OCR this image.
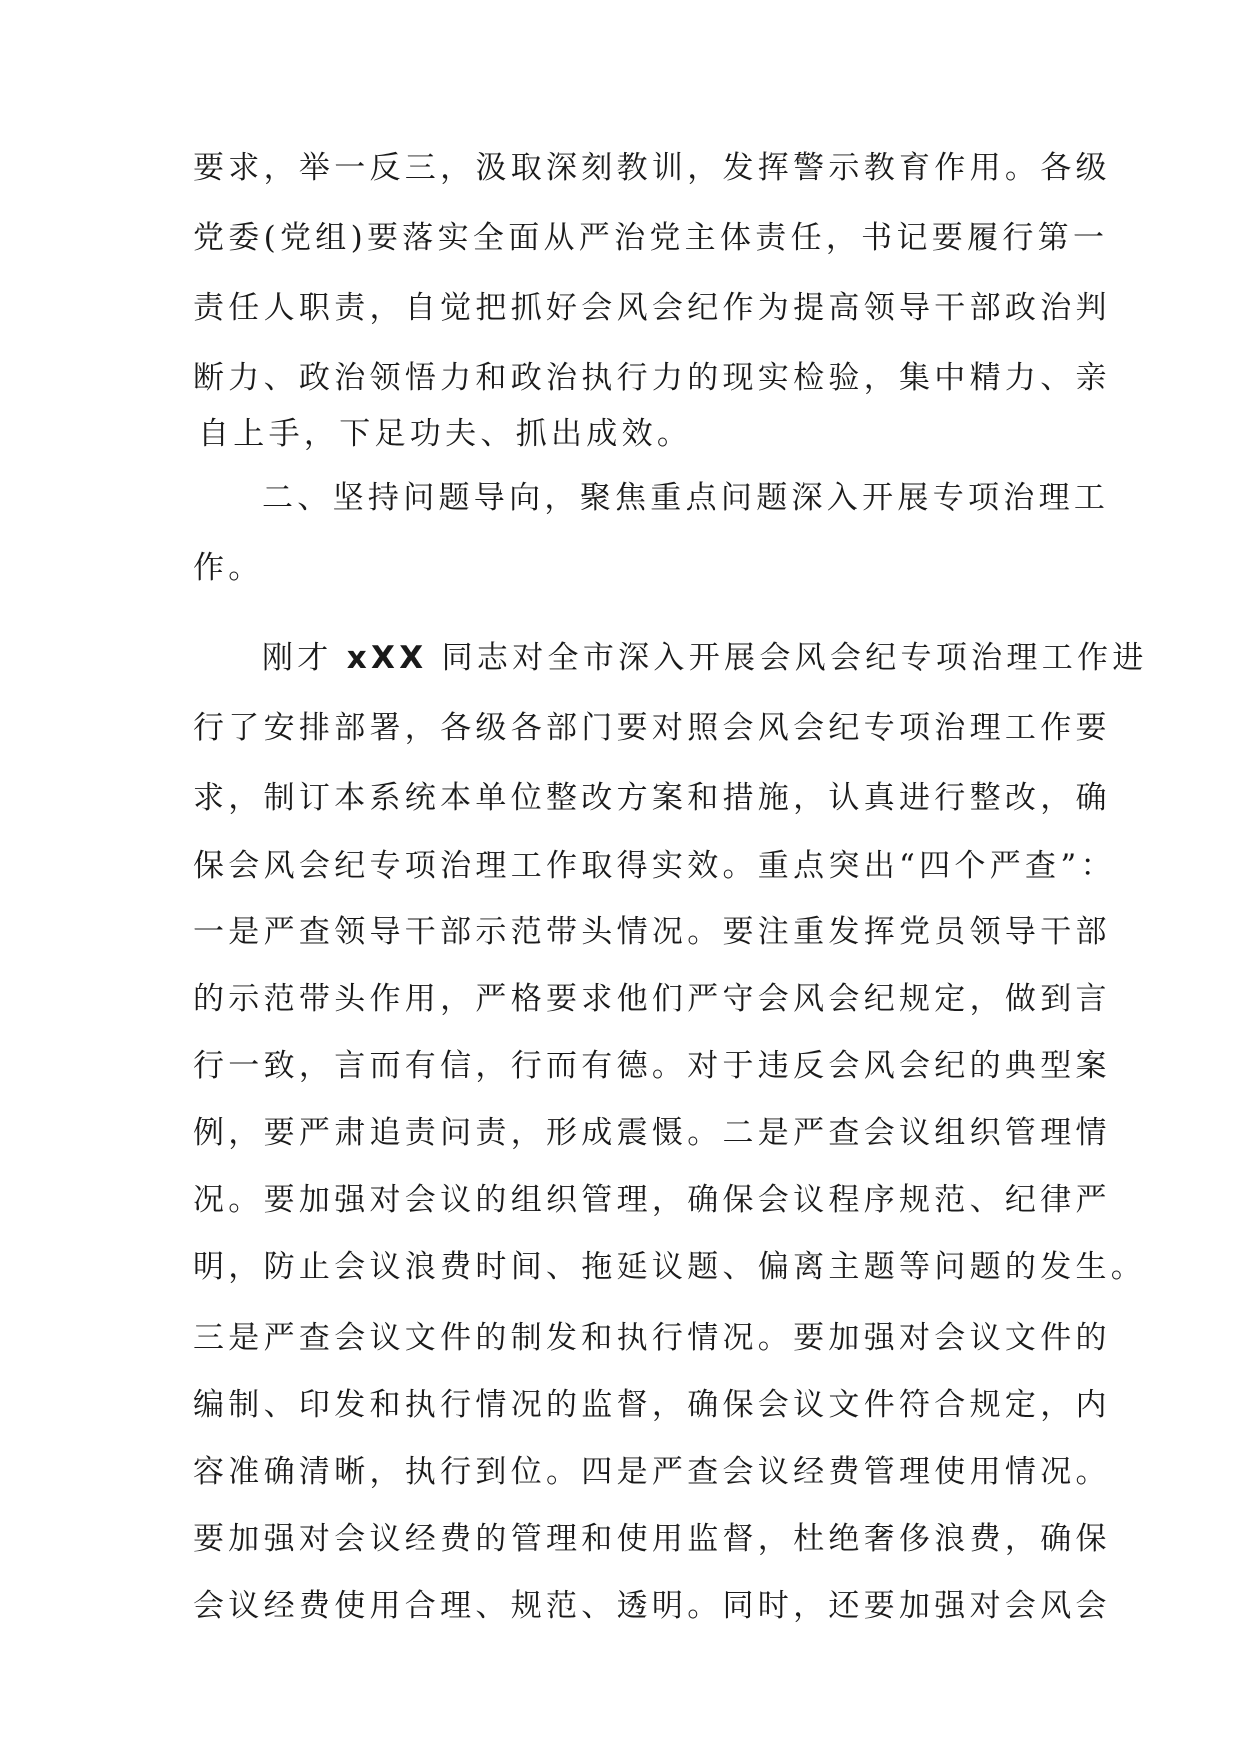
要求，举一反三，汲取深刻教训，发挥警示教育作用。各级
党委(党组)要落实全面从严治党主体责任，书记要履行第一
责任人职责，自觉把抓好会风会纪作为提高领导干部政治判
断力、政治领悟力和政治执行力的现实检验，集中精力、亲
自上手，下足功夫、抓出成效。
二、坚持问题导向，聚焦重点问题深入开展专项治理工
作。
刚才 xXX 同志对全市深入开展会风会纪专项治理工作进
行了安排部署，各级各部门要对照会风会纪专项治理工作要
求，制订本系统本单位整改方案和措施，认真进行整改，确
保会风会纪专项治理工作取得实效。重点突出“四个严查”：
一是严查领导干部示范带头情况。要注重发挥党员领导干部
的示范带头作用，严格要求他们严守会风会纪规定，做到言
行一致，言而有信，行而有德。对于违反会风会纪的典型案
例，要严肃追责问责，形成震慑。二是严查会议组织管理情
况。要加强对会议的组织管理，确保会议程序规范、纪律严
明，防止会议浪费时间、拖延议题、偏离主题等问题的发生。
三是严查会议文件的制发和执行情况。要加强对会议文件的
编制、印发和执行情况的监督，确保会议文件符合规定，内
容准确清晰，执行到位。四是严查会议经费管理使用情况。
要加强对会议经费的管理和使用监督，杜绝奢侈浪费，确保
会议经费使用合理、规范、透明。同时，还要加强对会风会
